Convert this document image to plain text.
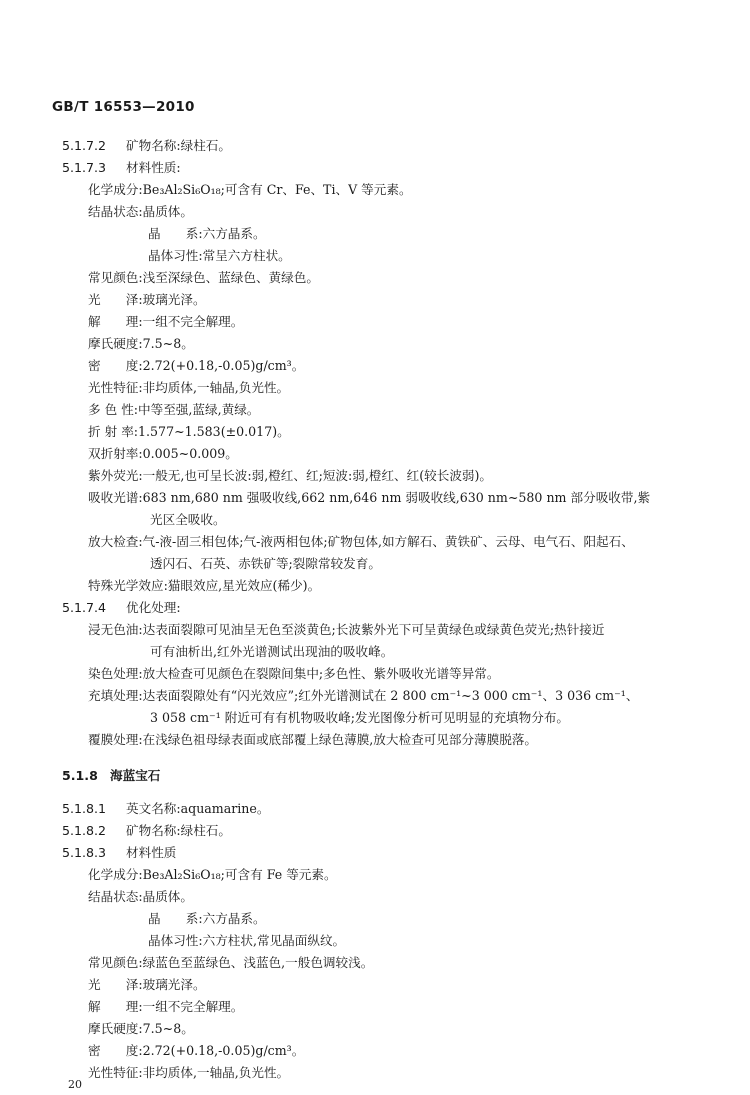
GB/T 16553—2010
5.1.7.2 矿物名称:绿柱石。
5.1.7.3 材料性质:
化学成分:Be₃Al₂Si₆O₁₈;可含有 Cr、Fe、Ti、V 等元素。
结晶状态:晶质体。
晶　　系:六方晶系。
晶体习性:常呈六方柱状。
常见颜色:浅至深绿色、蓝绿色、黄绿色。
光　　泽:玻璃光泽。
解　　理:一组不完全解理。
摩氏硬度:7.5~8。
密　　度:2.72(+0.18,-0.05)g/cm³。
光性特征:非均质体,一轴晶,负光性。
多 色 性:中等至强,蓝绿,黄绿。
折 射 率:1.577~1.583(±0.017)。
双折射率:0.005~0.009。
紫外荧光:一般无,也可呈长波:弱,橙红、红;短波:弱,橙红、红(较长波弱)。
吸收光谱:683 nm,680 nm 强吸收线,662 nm,646 nm 弱吸收线,630 nm~580 nm 部分吸收带,紫
光区全吸收。
放大检查:气-液-固三相包体;气-液两相包体;矿物包体,如方解石、黄铁矿、云母、电气石、阳起石、
透闪石、石英、赤铁矿等;裂隙常较发育。
特殊光学效应:猫眼效应,星光效应(稀少)。
5.1.7.4 优化处理:
浸无色油:达表面裂隙可见油呈无色至淡黄色;长波紫外光下可呈黄绿色或绿黄色荧光;热针接近
可有油析出,红外光谱测试出现油的吸收峰。
染色处理:放大检查可见颜色在裂隙间集中;多色性、紫外吸收光谱等异常。
充填处理:达表面裂隙处有“闪光效应”;红外光谱测试在 2 800 cm⁻¹~3 000 cm⁻¹、3 036 cm⁻¹、
3 058 cm⁻¹ 附近可有有机物吸收峰;发光图像分析可见明显的充填物分布。
覆膜处理:在浅绿色祖母绿表面或底部覆上绿色薄膜,放大检查可见部分薄膜脱落。
5.1.8 海蓝宝石
5.1.8.1 英文名称:aquamarine。
5.1.8.2 矿物名称:绿柱石。
5.1.8.3 材料性质
化学成分:Be₃Al₂Si₆O₁₈;可含有 Fe 等元素。
结晶状态:晶质体。
晶　　系:六方晶系。
晶体习性:六方柱状,常见晶面纵纹。
常见颜色:绿蓝色至蓝绿色、浅蓝色,一般色调较浅。
光　　泽:玻璃光泽。
解　　理:一组不完全解理。
摩氏硬度:7.5~8。
密　　度:2.72(+0.18,-0.05)g/cm³。
光性特征:非均质体,一轴晶,负光性。
20
